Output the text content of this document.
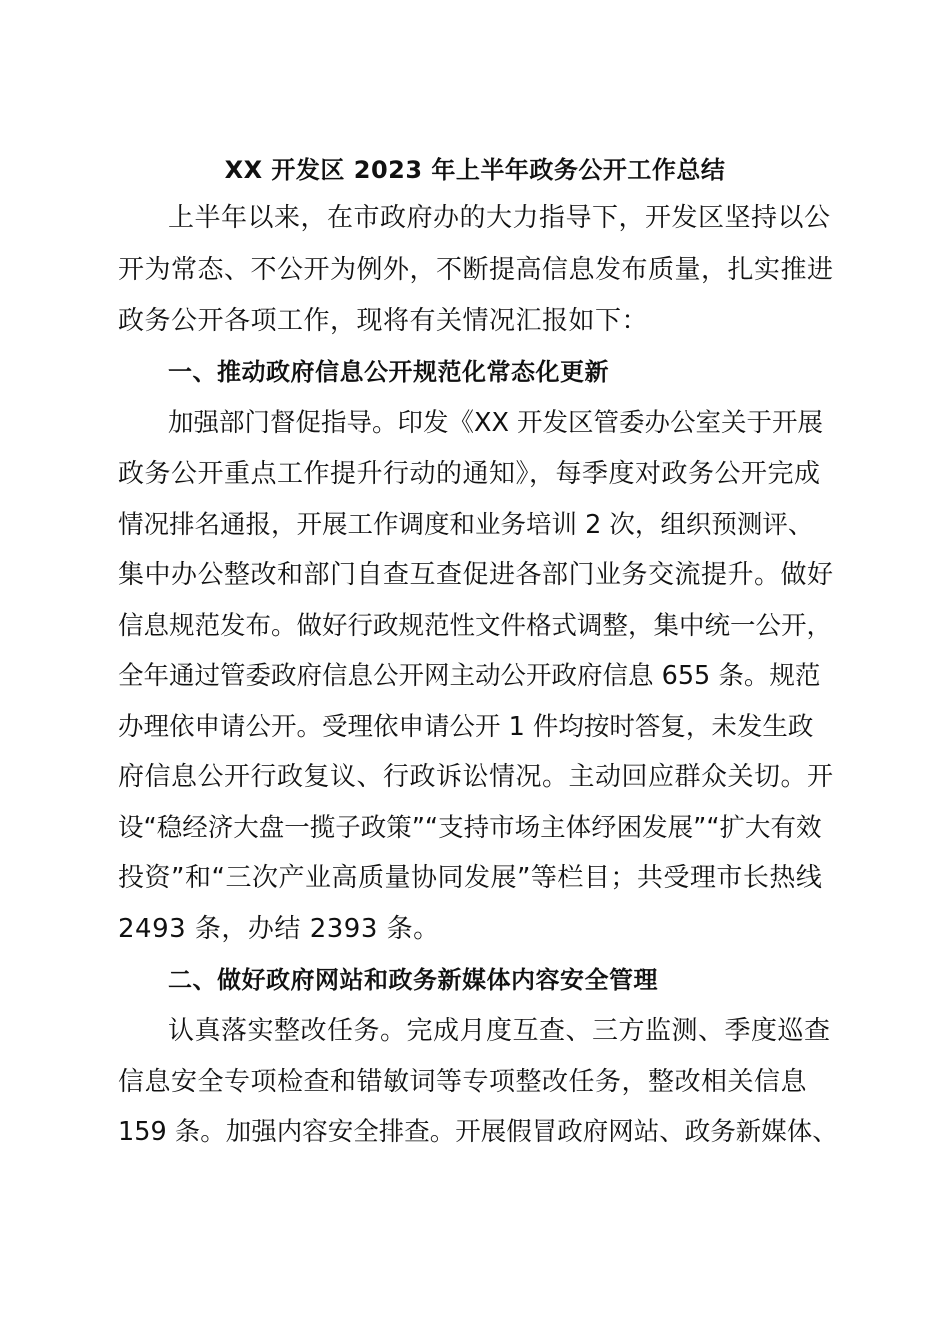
XX 开发区 2023 年上半年政务公开工作总结
上半年以来，在市政府办的大力指导下，开发区坚持以公
开为常态、不公开为例外，不断提高信息发布质量，扎实推进
政务公开各项工作，现将有关情况汇报如下：
一、推动政府信息公开规范化常态化更新
加强部门督促指导。印发《XX 开发区管委办公室关于开展
政务公开重点工作提升行动的通知》，每季度对政务公开完成
情况排名通报，开展工作调度和业务培训 2 次，组织预测评、
集中办公整改和部门自查互查促进各部门业务交流提升。做好
信息规范发布。做好行政规范性文件格式调整，集中统一公开，
全年通过管委政府信息公开网主动公开政府信息 655 条。规范
办理依申请公开。受理依申请公开 1 件均按时答复，未发生政
府信息公开行政复议、行政诉讼情况。主动回应群众关切。开
设“稳经济大盘一揽子政策”“支持市场主体纾困发展”“扩大有效
投资”和“三次产业高质量协同发展”等栏目；共受理市长热线
2493 条，办结 2393 条。
二、做好政府网站和政务新媒体内容安全管理
认真落实整改任务。完成月度互查、三方监测、季度巡查
信息安全专项检查和错敏词等专项整改任务，整改相关信息
159 条。加强内容安全排查。开展假冒政府网站、政务新媒体、
